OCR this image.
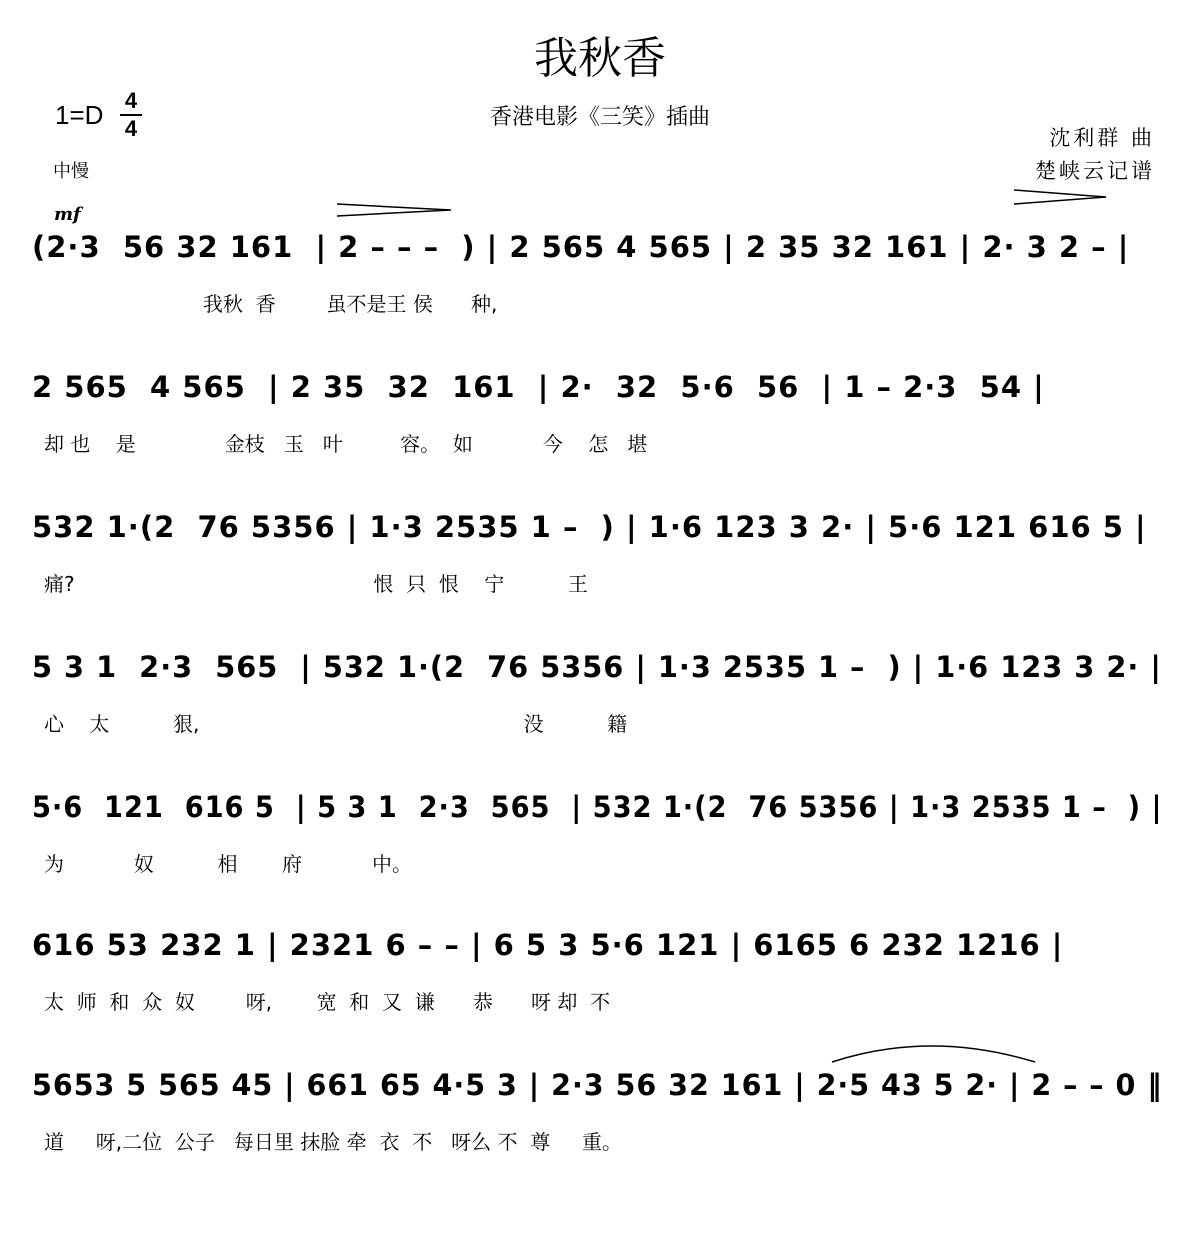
我秋香
香港电影《三笑》插曲
1=D 4
4
中慢
沈利群 曲
楚峡云记谱
mf
(2·3  56 32 161  | 2 – – –  ) | 2 565 4 565 | 2 35 32 161 | 2· 3 2 – |
我秋  香        虽不是王 侯      种,
2 565  4 565  | 2 35  32  161  | 2·  32  5·6  56  | 1 – 2·3  54 |
却 也    是              金枝   玉   叶         容。  如           今    怎   堪
532 1·(2  76 5356 | 1·3 2535 1 –  ) | 1·6 123 3 2· | 5·6 121 616 5 |
痛?                                               恨  只  恨    宁          王
5 3 1  2·3  565  | 532 1·(2  76 5356 | 1·3 2535 1 –  ) | 1·6 123 3 2· |
心    太          狠,                                                   没          籍
5·6  121  616 5  | 5 3 1  2·3  565  | 532 1·(2  76 5356 | 1·3 2535 1 –  ) |
为           奴          相       府           中。
616 53 232 1 | 2321 6 – – | 6 5 3 5·6 121 | 6165 6 232 1216 |
太  师  和  众  奴        呀,       宽  和  又  谦      恭      呀 却  不
5653 5 565 45 | 661 65 4·5 3 | 2·3 56 32 161 | 2·5 43 5 2· | 2 – – 0 ‖
道     呀,二位  公子   每日里 抹脸 牵  衣  不   呀么 不  尊     重。
